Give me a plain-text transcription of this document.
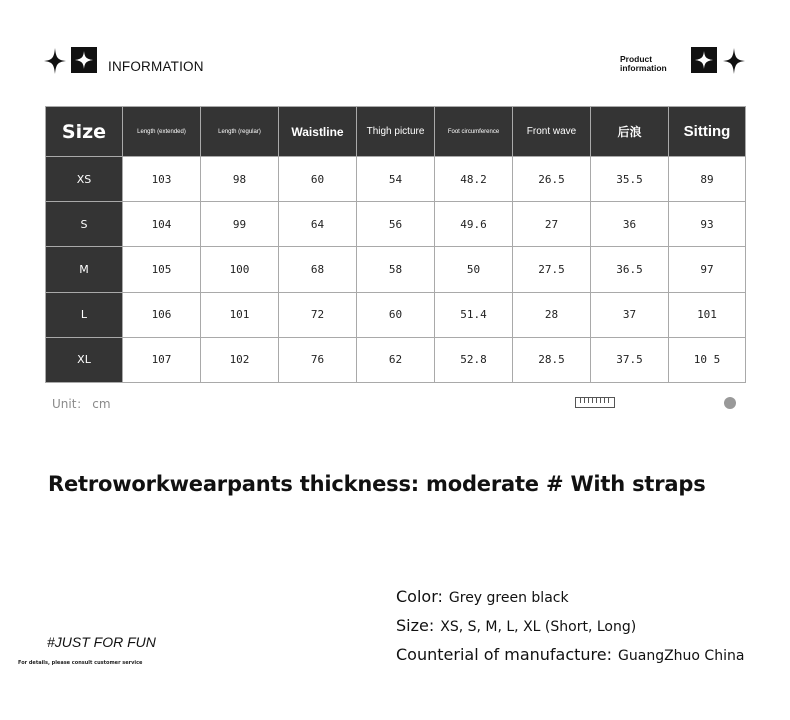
INFORMATION	Product
information
Size	Length (extended)	Length (regular)	Waistline	Thigh picture	Foot circumference	Front wave	后浪	Sitting
XS	103	98	60	54	48.2	26.5	35.5	89
S	104	99	64	56	49.6	27	36	93
M	105	100	68	58	50	27.5	36.5	97
L	106	101	72	60	51.4	28	37	101
XL	107	102	76	62	52.8	28.5	37.5	10 5
Unit： cm
Retroworkwearpants thickness: moderate # With straps
#JUST FOR FUN
For details, please consult customer service
Color: Grey green black
Size: XS, S, M, L, XL (Short, Long)
Counterial of manufacture: GuangZhuo China
